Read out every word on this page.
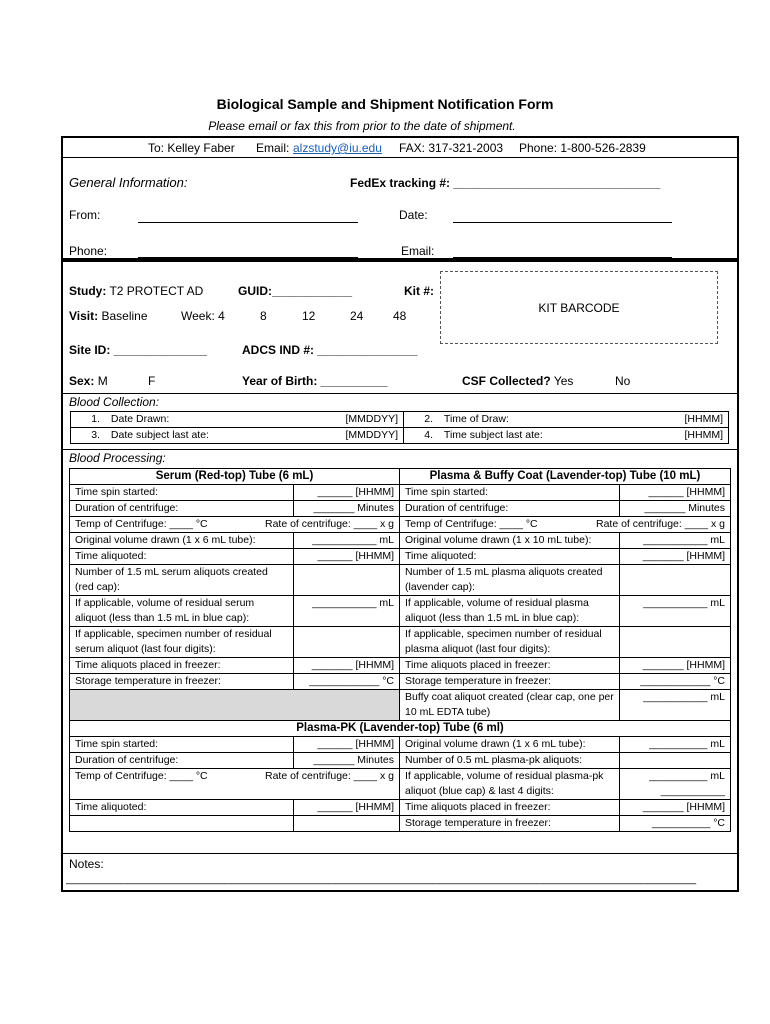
Biological Sample and Shipment Notification Form
Please email or fax this from prior to the date of shipment.
To: Kelley Faber Email: alzstudy@iu.edu FAX: 317-321-2003 Phone: 1-800-526-2839
General Information:	FedEx tracking #: _______________________________
From:	Date:
Phone:	Email:
Study: T2 PROTECT AD	GUID:____________	Kit #:
KIT BARCODE
Visit: Baseline	Week: 4	8	12	24 48
Site ID: ______________	ADCS IND #: _______________
Sex: M	F	Year of Birth: __________	CSF Collected? Yes	No
Blood Collection:
1. Date Drawn: [MMDDYY]	2. Time of Draw: [HHMM]

3. Date subject last ate: [MMDDYY]	4. Time subject last ate: [HHMM]
Blood Processing:
Serum (Red-top) Tube (6 mL)		Plasma & Buffy Coat (Lavender-top) Tube (10 mL)	
Time spin started:	______ [HHMM]	Time spin started:	______ [HHMM]
Duration of centrifuge:	_______ Minutes	Duration of centrifuge:	_______ Minutes
Temp of Centrifuge: ____ °C Rate of centrifuge: ____ x g		Temp of Centrifuge: ____ °C Rate of centrifuge: ____ x g	

Original volume drawn (1 x 6 mL tube):	___________ mL	Original volume drawn (1 x 10 mL tube):	___________ mL
Time aliquoted:	______ [HHMM]	Time aliquoted:	_______ [HHMM]
Number of 1.5 mL serum aliquots created (red cap):		Number of 1.5 mL plasma aliquots created (lavender cap):	
If applicable, volume of residual serum aliquot (less than 1.5 mL in blue cap):	___________ mL	If applicable, volume of residual plasma aliquot (less than 1.5 mL in blue cap):	___________ mL
If applicable, specimen number of residual serum aliquot (last four digits):		If applicable, specimen number of residual plasma aliquot (last four digits):	
Time aliquots placed in freezer:	_______ [HHMM]	Time aliquots placed in freezer:	_______ [HHMM]
Storage temperature in freezer:	____________ °C	Storage temperature in freezer:	____________ °C
		Buffy coat aliquot created (clear cap, one per 10 mL EDTA tube)	___________ mL
Plasma-PK (Lavender-top) Tube (6 ml)			
Time spin started:	______ [HHMM]	Original volume drawn (1 x 6 mL tube):	__________ mL
Duration of centrifuge:	_______ Minutes	Number of 0.5 mL plasma-pk aliquots:	
Temp of Centrifuge: ____ °C Rate of centrifuge: ____ x g		If applicable, volume of residual plasma-pk aliquot (blue cap) & last 4 digits:	__________ mL ___________
Time aliquoted:	______ [HHMM]	Time aliquots placed in freezer:	_______ [HHMM]
		Storage temperature in freezer:	__________ °C
Notes:
_______________________________________________________________________________________________________
